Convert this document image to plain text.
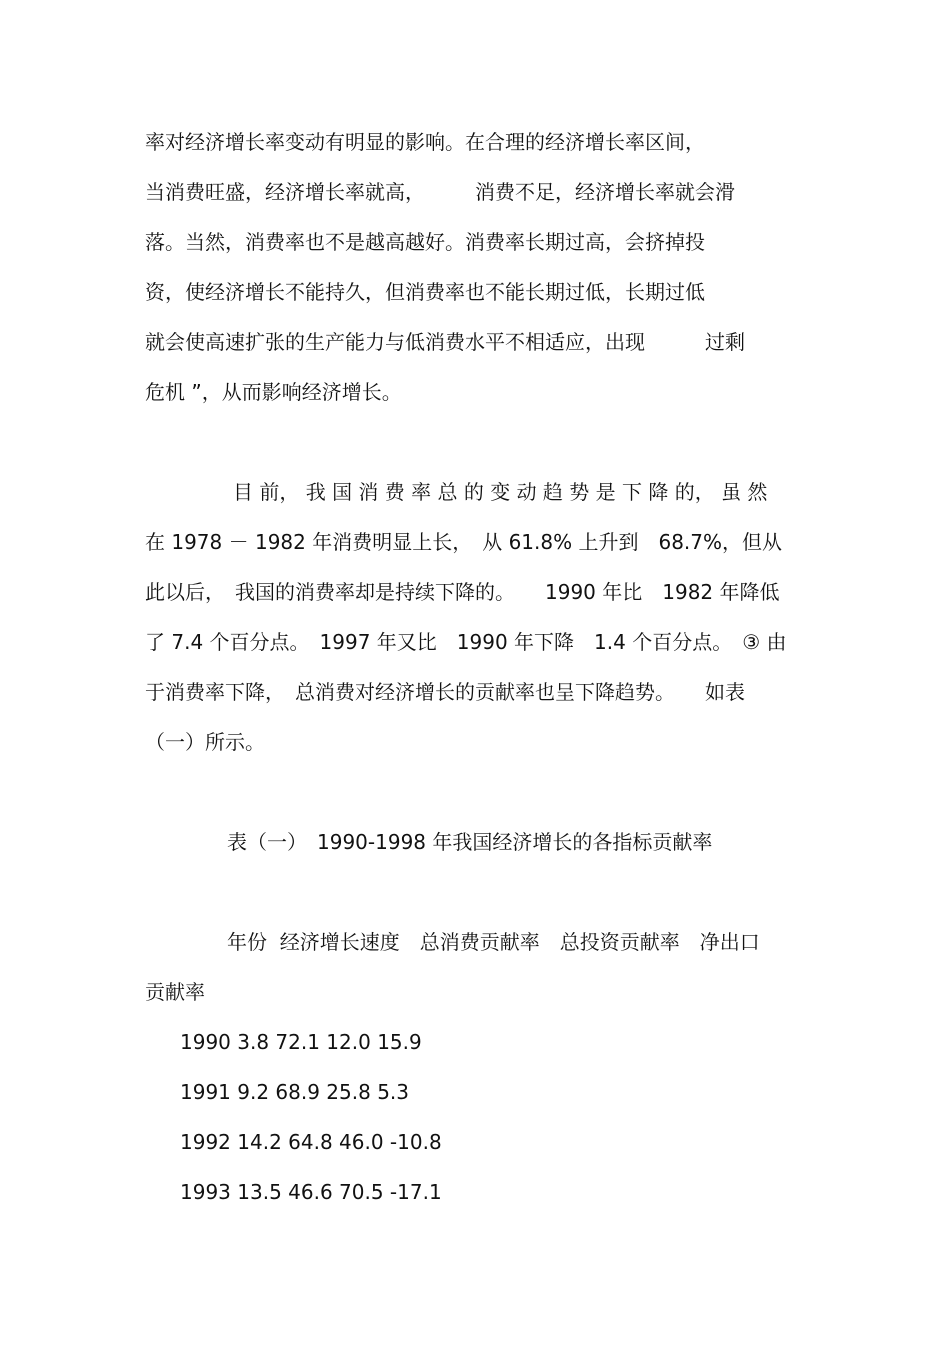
率对经济增长率变动有明显的影响。在合理的经济增长率区间，
当消费旺盛，经济增长率就高，　　　消费不足，经济增长率就会滑
落。当然，消费率也不是越高越好。消费率长期过高，会挤掉投
资，使经济增长不能持久，但消费率也不能长期过低，长期过低
就会使高速扩张的生产能力与低消费水平不相适应，出现　　　过剩
危机 ”，从而影响经济增长。
目 前， 我 国 消 费 率 总 的 变 动 趋 势 是 下 降 的， 虽 然
在 1978 － 1982 年消费明显上长，　从 61.8% 上升到　68.7%，但从
此以后，　我国的消费率却是持续下降的。　　1990 年比　1982 年降低
了 7.4 个百分点。　1997 年又比　1990 年下降　1.4 个百分点。　③ 由
于消费率下降，　总消费对经济增长的贡献率也呈下降趋势。　　如表
（一）所示。
表（一）　1990-1998 年我国经济增长的各指标贡献率
年份  经济增长速度　总消费贡献率　总投资贡献率　净出口
贡献率
1990 3.8 72.1 12.0 15.9
1991 9.2 68.9 25.8 5.3
1992 14.2 64.8 46.0 -10.8
1993 13.5 46.6 70.5 -17.1
